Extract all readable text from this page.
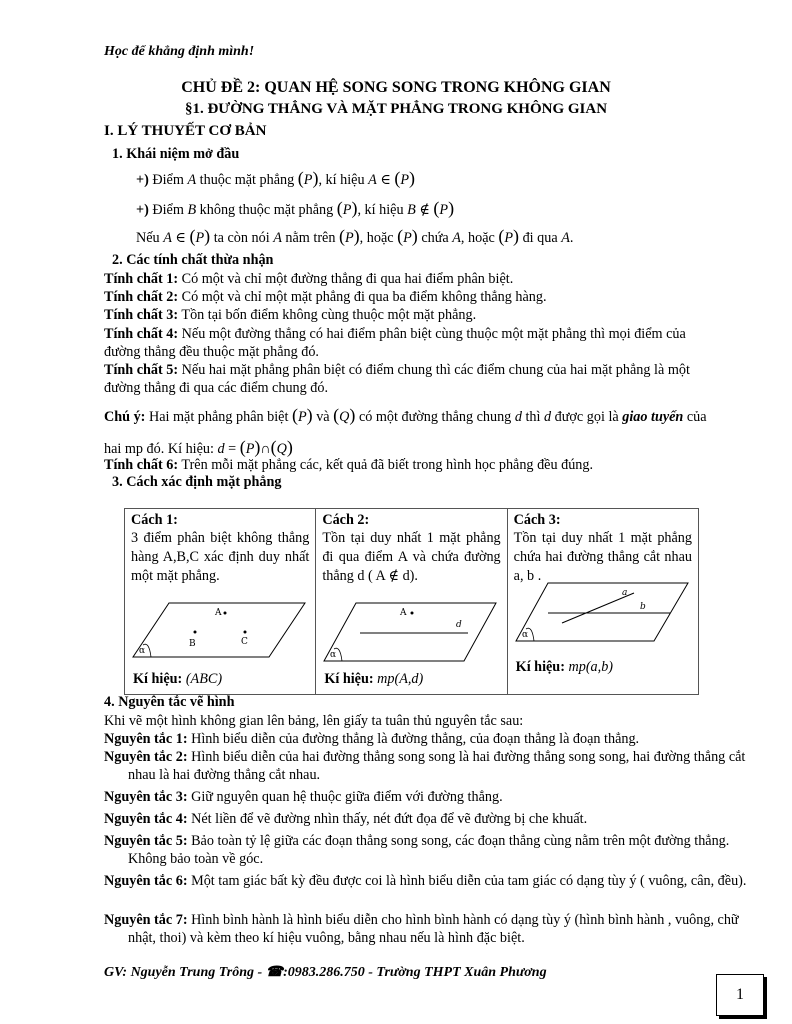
Học để khẳng định mình!
CHỦ ĐỀ 2: QUAN HỆ SONG SONG TRONG KHÔNG GIAN
§1. ĐƯỜNG THẲNG VÀ MẶT PHẲNG TRONG KHÔNG GIAN
I. LÝ THUYẾT CƠ BẢN
1. Khái niệm mở đầu
+) Điểm A thuộc mặt phẳng (P), kí hiệu A ∈ (P)
+) Điểm B không thuộc mặt phẳng (P), kí hiệu B ∉ (P)
Nếu A ∈ (P) ta còn nói A nằm trên (P), hoặc (P) chứa A, hoặc (P) đi qua A.
2. Các tính chất thừa nhận
Tính chất 1: Có một và chỉ một đường thẳng đi qua hai điểm phân biệt.
Tính chất 2: Có một và chỉ một mặt phẳng đi qua ba điểm không thẳng hàng.
Tính chất 3: Tồn tại bốn điểm không cùng thuộc một mặt phẳng.
Tính chất 4: Nếu một đường thẳng có hai điểm phân biệt cùng thuộc một mặt phẳng thì mọi điểm của đường thẳng đều thuộc mặt phẳng đó.
Tính chất 5: Nếu hai mặt phẳng phân biệt có điểm chung thì các điểm chung của hai mặt phẳng là một đường thẳng đi qua các điểm chung đó.
Chú ý: Hai mặt phẳng phân biệt (P) và (Q) có một đường thẳng chung d thì d được gọi là giao tuyến của hai mp đó. Kí hiệu: d = (P)∩(Q)
Tính chất 6: Trên mỗi mặt phẳng các, kết quả đã biết trong hình học phẳng đều đúng.
3. Cách xác định mặt phẳng
Cách 1:
3 điểm phân biệt không thẳng hàng A,B,C xác định duy nhất một mặt phẳng.
α
A
B	C
Kí hiệu: (ABC)

Cách 2:
Tồn tại duy nhất 1 mặt phẳng đi qua điểm A và chứa đường thẳng d ( A ∉ d).
α
A
d
Kí hiệu: mp(A,d)

Cách 3:
Tồn tại duy nhất 1 mặt phẳng chứa hai đường thẳng cắt nhau a, b .
α
a
b
Kí hiệu: mp(a,b)
4. Nguyên tắc vẽ hình
Khi vẽ một hình không gian lên bảng, lên giấy ta tuân thủ nguyên tắc sau:
Nguyên tắc 1: Hình biểu diễn của đường thẳng là đường thẳng, của đoạn thẳng là đoạn thẳng.
Nguyên tắc 2: Hình biểu diễn của hai đường thẳng song song là hai đường thẳng song song, hai đường thẳng cắt nhau là hai đường thẳng cắt nhau.
Nguyên tắc 3: Giữ nguyên quan hệ thuộc giữa điểm với đường thẳng.
Nguyên tắc 4: Nét liền để vẽ đường nhìn thấy, nét đứt đọa để vẽ đường bị che khuất.
Nguyên tắc 5: Bảo toàn tỷ lệ giữa các đoạn thẳng song song, các đoạn thẳng cùng nằm trên một đường thẳng. Không bảo toàn về góc.
Nguyên tắc 6: Một tam giác bất kỳ đều được coi là hình biểu diễn của tam giác có dạng tùy ý ( vuông, cân, đều).
Nguyên tắc 7: Hình bình hành là hình biểu diễn cho hình bình hành có dạng tùy ý (hình bình hành , vuông, chữ nhật, thoi) và kèm theo kí hiệu vuông, bằng nhau nếu là hình đặc biệt.
GV: Nguyễn Trung Trông - ☎:0983.286.750 - Trường THPT Xuân Phương
1
